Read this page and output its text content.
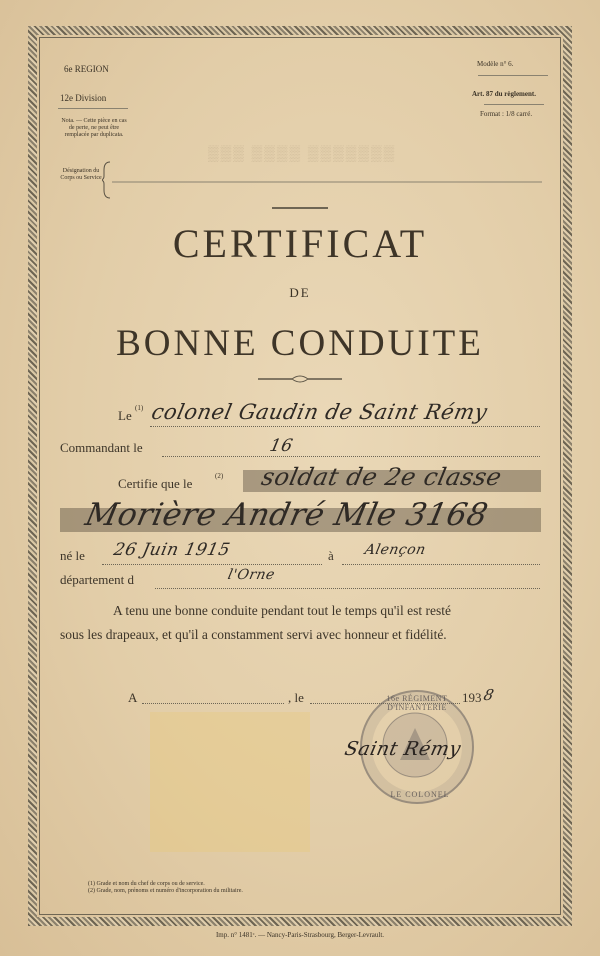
6e REGION
12e Division
Nota. — Cette pièce en cas de perte, ne peut être remplacée par duplicata.
Modèle n° 6.
Art. 87 du règlement.
Format : 1/8 carré.
Désignation du Corps ou Service
▒▒▒ ▒▒▒▒ ▒▒▒▒▒▒▒
CERTIFICAT
DE
BONNE CONDUITE
Le (1) colonel Gaudin de Saint Rémy
Commandant le	16
Certifie que le	(2) soldat de 2e classe
Morière André Mle 3168
né le 26 Juin 1915	à Alençon
département d	l'Orne
A tenu une bonne conduite pendant tout le temps qu'il est resté
sous les drapeaux, et qu'il a constamment servi avec honneur et fidélité.
A	, le	193 8
16e RÉGIMENT D'INFANTERIE
LE COLONEL
Saint Rémy
(1) Grade et nom du chef de corps ou de service.
(2) Grade, nom, prénoms et numéro d'incorporation du militaire.
Imp. n° 1481ᶜ. — Nancy-Paris-Strasbourg, Berger-Levrault.
